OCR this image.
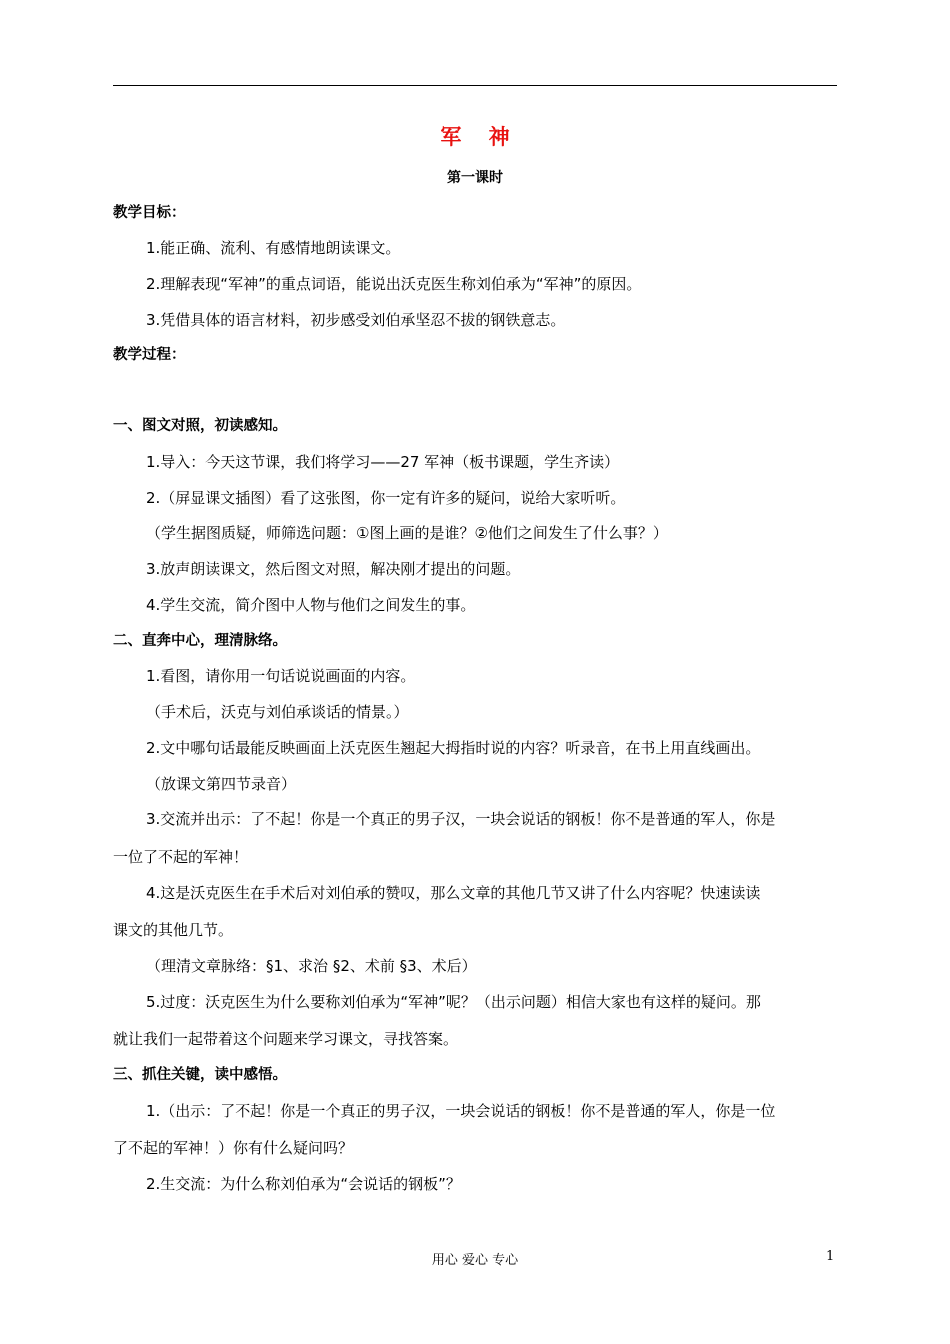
军 神
第一课时
教学目标：
1.能正确、流利、有感情地朗读课文。
2.理解表现“军神”的重点词语，能说出沃克医生称刘伯承为“军神”的原因。
3.凭借具体的语言材料，初步感受刘伯承坚忍不拔的钢铁意志。
教学过程：
一、图文对照，初读感知。
1.导入：今天这节课，我们将学习——27 军神（板书课题，学生齐读）
2.（屏显课文插图）看了这张图，你一定有许多的疑问，说给大家听听。
（学生据图质疑，师筛选问题：①图上画的是谁？②他们之间发生了什么事？）
3.放声朗读课文，然后图文对照，解决刚才提出的问题。
4.学生交流，简介图中人物与他们之间发生的事。
二、直奔中心，理清脉络。
1.看图，请你用一句话说说画面的内容。
（手术后，沃克与刘伯承谈话的情景。）
2.文中哪句话最能反映画面上沃克医生翘起大拇指时说的内容？听录音，在书上用直线画出。
（放课文第四节录音）
3.交流并出示：了不起！你是一个真正的男子汉，一块会说话的钢板！你不是普通的军人，你是
一位了不起的军神！
4.这是沃克医生在手术后对刘伯承的赞叹，那么文章的其他几节又讲了什么内容呢？快速读读
课文的其他几节。
（理清文章脉络：§1、求治 §2、术前 §3、术后）
5.过度：沃克医生为什么要称刘伯承为“军神”呢？（出示问题）相信大家也有这样的疑问。那
就让我们一起带着这个问题来学习课文，寻找答案。
三、抓住关键，读中感悟。
1.（出示：了不起！你是一个真正的男子汉，一块会说话的钢板！你不是普通的军人，你是一位
了不起的军神！）你有什么疑问吗？
2.生交流：为什么称刘伯承为“会说话的钢板”？
用心 爱心 专心	1
